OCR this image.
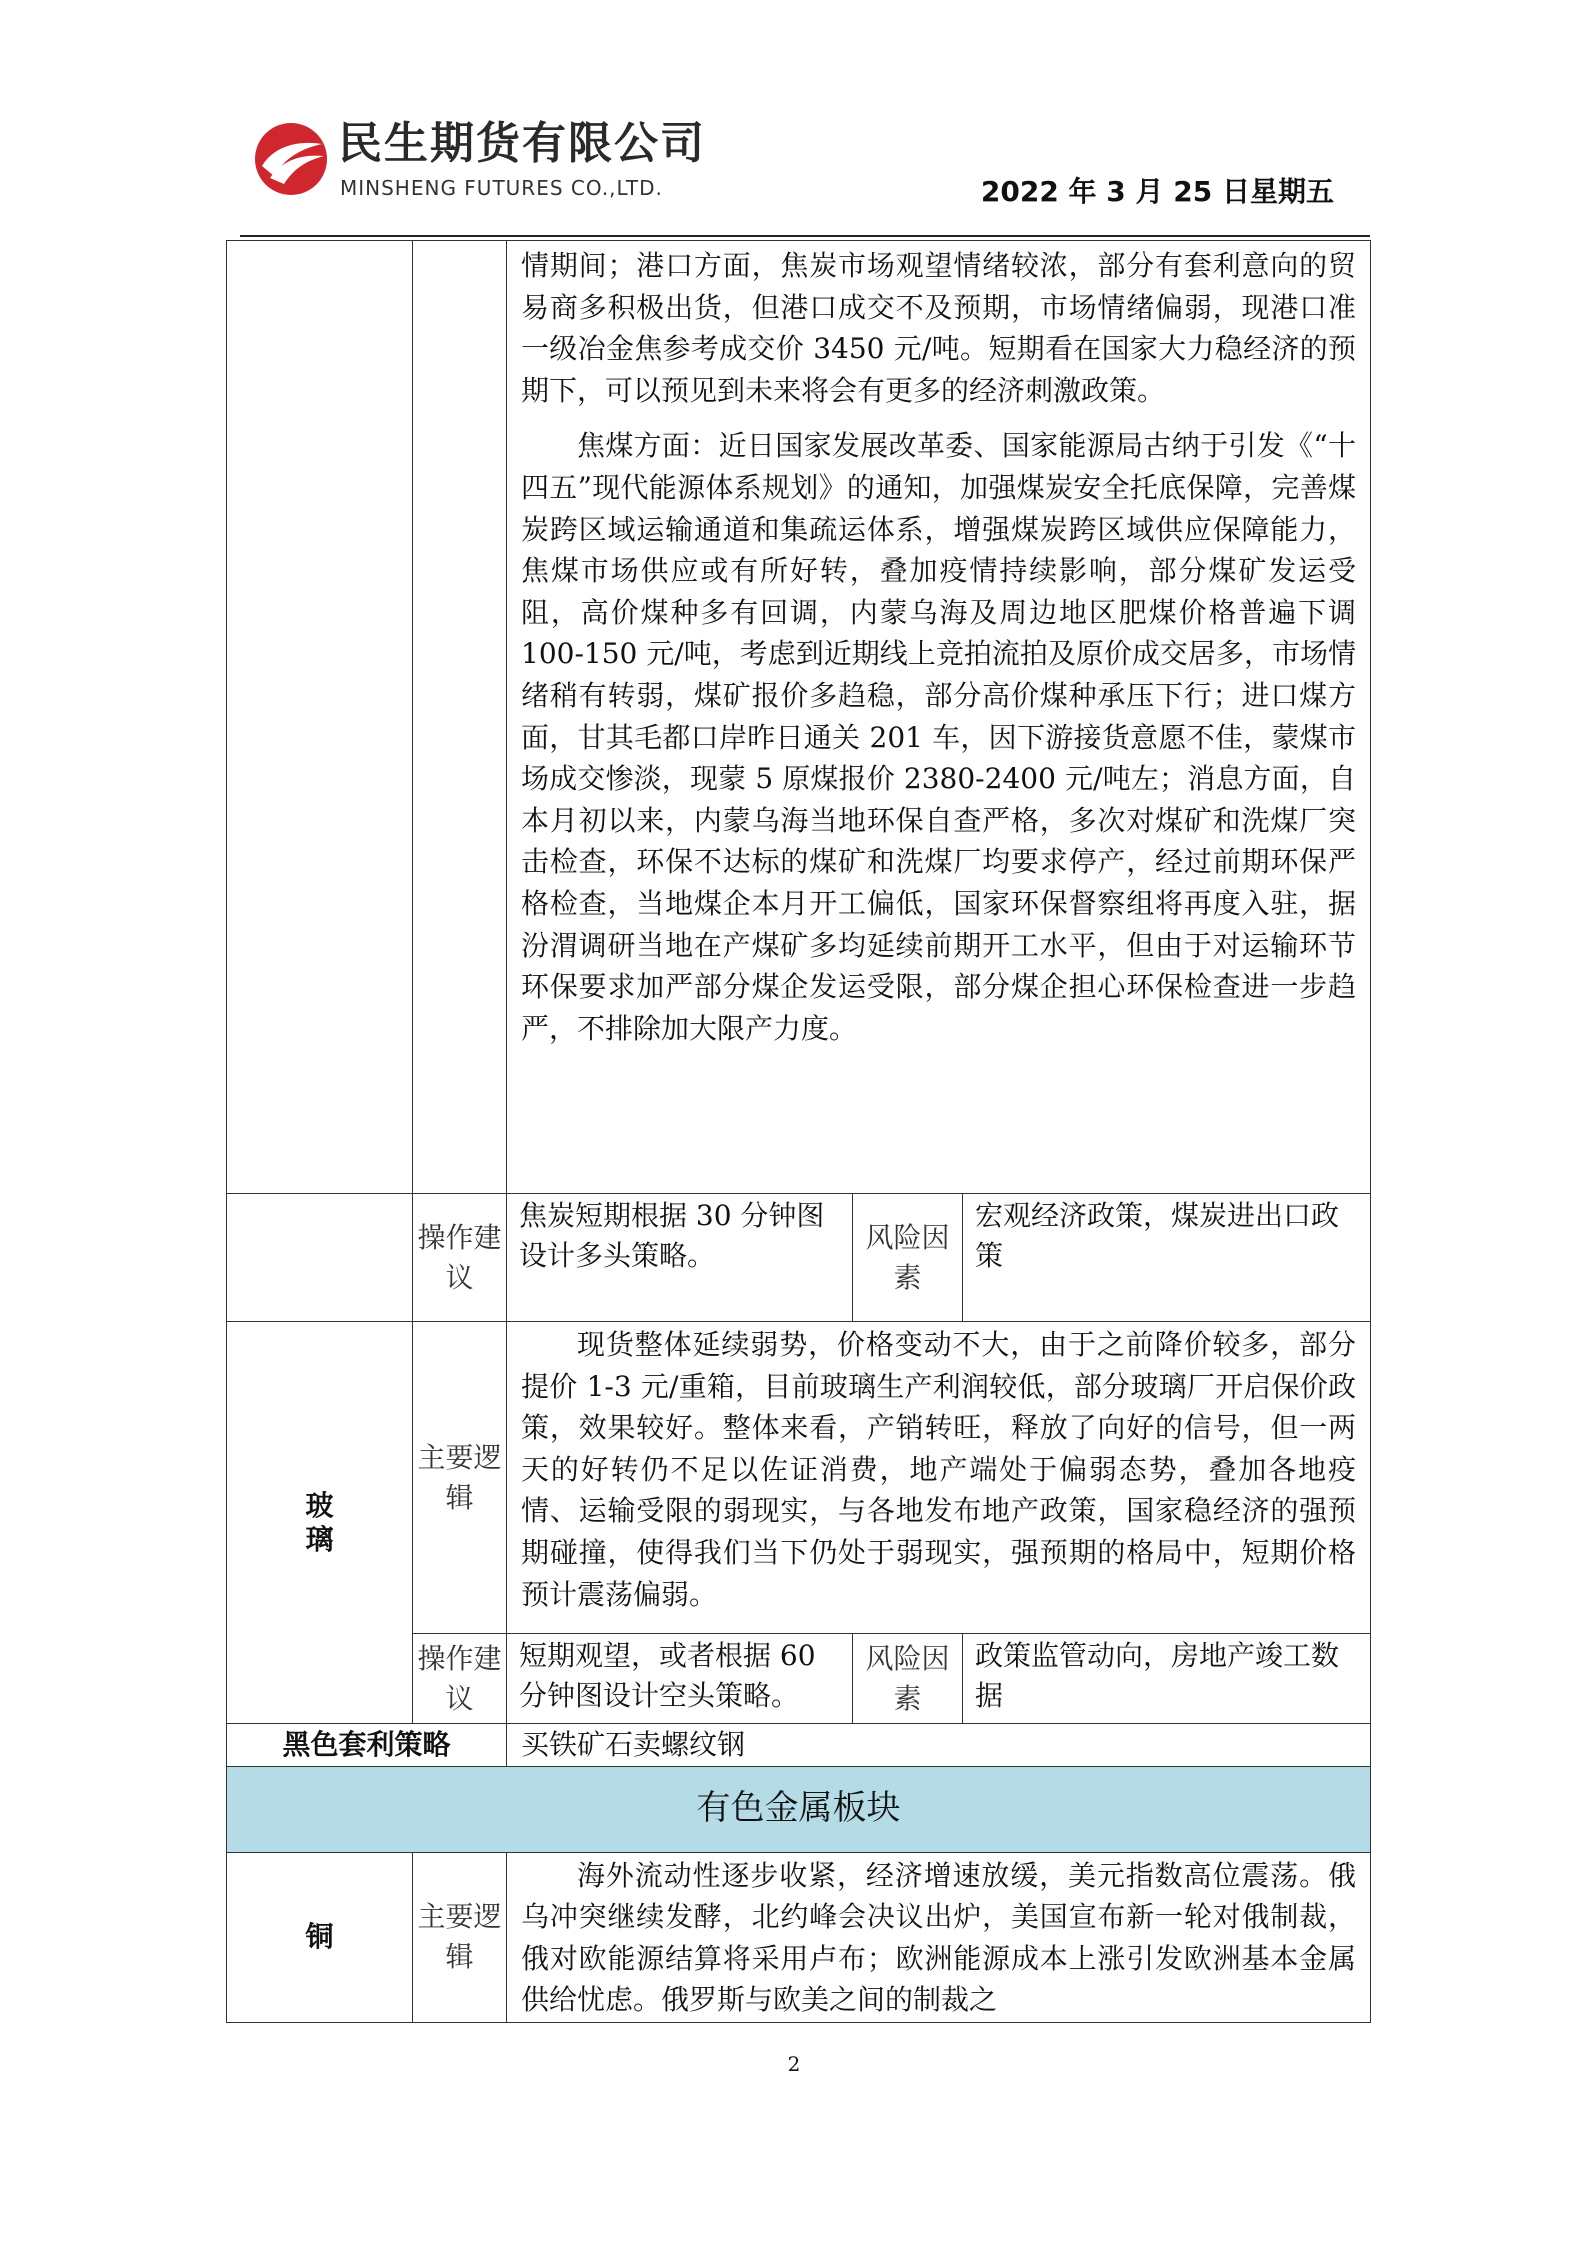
民生期货有限公司
MINSHENG FUTURES CO.,LTD.	2022 年 3 月 25 日星期五

		情期间；港口方面，焦炭市场观望情绪较浓，部分有套利意向的贸易商多积极出货，但港口成交不及预期，市场情绪偏弱，现港口准一级冶金焦参考成交价 3450 元/吨。短期看在国家大力稳经济的预期下，可以预见到未来将会有更多的经济刺激政策。

焦煤方面：近日国家发展改革委、国家能源局古纳于引发《“十四五”现代能源体系规划》的通知，加强煤炭安全托底保障，完善煤炭跨区域运输通道和集疏运体系，增强煤炭跨区域供应保障能力，焦煤市场供应或有所好转，叠加疫情持续影响，部分煤矿发运受阻，高价煤种多有回调，内蒙乌海及周边地区肥煤价格普遍下调 100-150 元/吨，考虑到近期线上竞拍流拍及原价成交居多，市场情绪稍有转弱，煤矿报价多趋稳，部分高价煤种承压下行；进口煤方面，甘其毛都口岸昨日通关 201 车，因下游接货意愿不佳，蒙煤市场成交惨淡，现蒙 5 原煤报价 2380-2400 元/吨左；消息方面，自本月初以来，内蒙乌海当地环保自查严格，多次对煤矿和洗煤厂突击检查，环保不达标的煤矿和洗煤厂均要求停产，经过前期环保严格检查，当地煤企本月开工偏低，国家环保督察组将再度入驻，据汾渭调研当地在产煤矿多均延续前期开工水平，但由于对运输环节环保要求加严部分煤企发运受限，部分煤企担心环保检查进一步趋严，不排除加大限产力度。		

	操作建议	焦炭短期根据 30 分钟图设计多头策略。	风险因素	宏观经济政策，煤炭进出口政策

玻璃	主要逻辑	现货整体延续弱势，价格变动不大，由于之前降价较多，部分提价 1-3 元/重箱，目前玻璃生产利润较低，部分玻璃厂开启保价政策，效果较好。整体来看，产销转旺，释放了向好的信号，但一两天的好转仍不足以佐证消费，地产端处于偏弱态势，叠加各地疫情、运输受限的弱现实，与各地发布地产政策，国家稳经济的强预期碰撞，使得我们当下仍处于弱现实，强预期的格局中，短期价格预计震荡偏弱。		

	操作建议	短期观望，或者根据 60 分钟图设计空头策略。	风险因素	政策监管动向，房地产竣工数据

黑色套利策略		买铁矿石卖螺纹钢		

有色金属板块				

铜	主要逻辑	海外流动性逐步收紧，经济增速放缓，美元指数高位震荡。俄乌冲突继续发酵，北约峰会决议出炉，美国宣布新一轮对俄制裁，俄对欧能源结算将采用卢布；欧洲能源成本上涨引发欧洲基本金属供给忧虑。俄罗斯与欧美之间的制裁之		

2
